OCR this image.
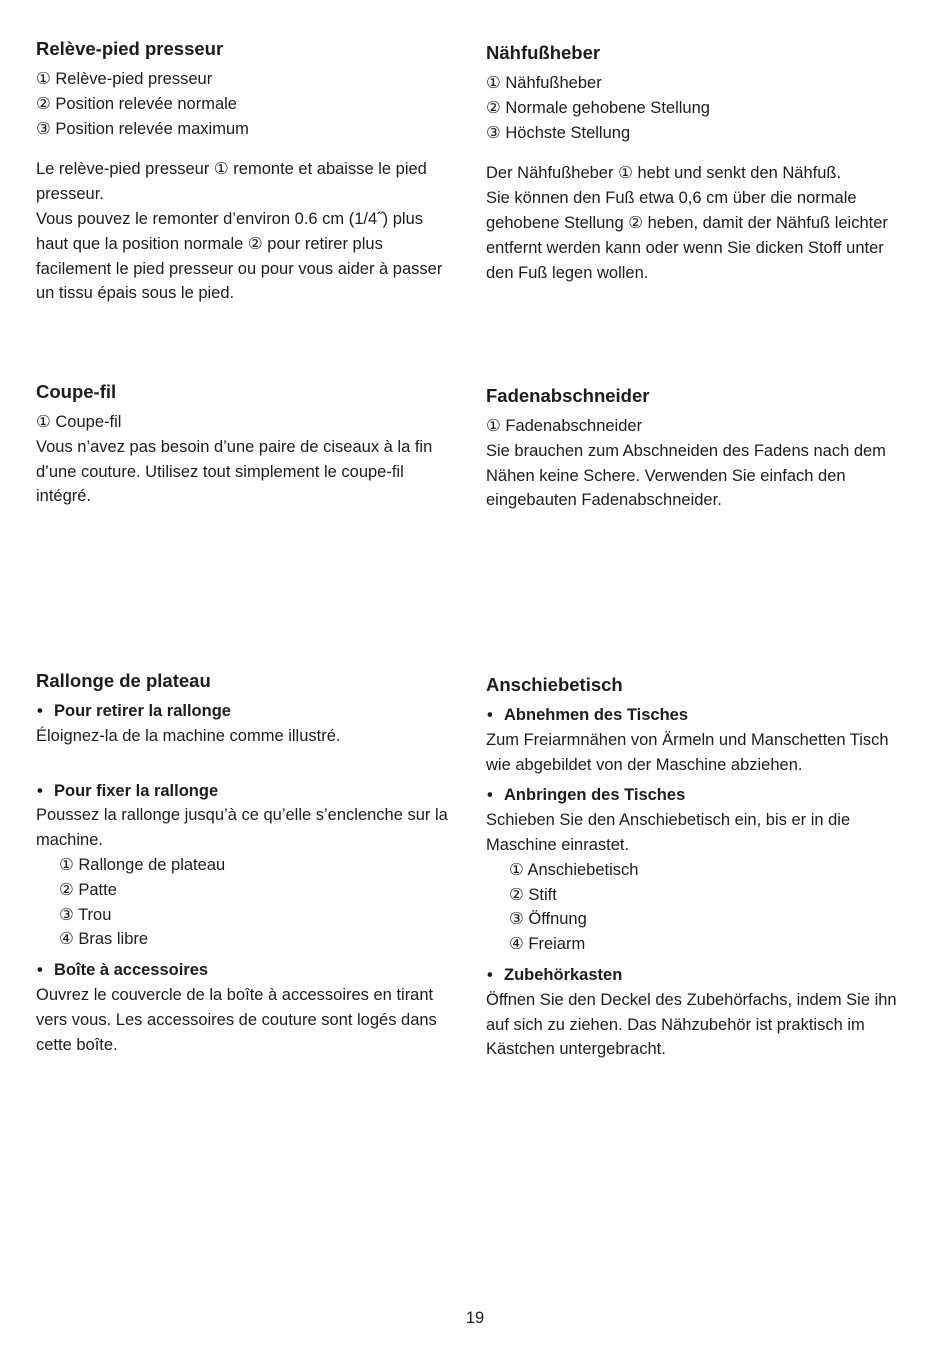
Relève-pied presseur
① Relève-pied presseur
② Position relevée normale
③ Position relevée maximum

Le relève-pied presseur ① remonte et abaisse le pied presseur.
Vous pouvez le remonter d’environ 0.6 cm (1/4˝) plus haut que la position normale ② pour retirer plus facilement le pied presseur ou pour vous aider à passer un tissu épais sous le pied.

Coupe-fil
① Coupe-fil

Vous n’avez pas besoin d’une paire de ciseaux à la fin d’une couture. Utilisez tout simplement le coupe-fil intégré.

Rallonge de plateau
• Pour retirer la rallonge

Éloignez-la de la machine comme illustré.

• Pour fixer la rallonge

Poussez la rallonge jusqu’à ce qu’elle s’enclenche sur la machine.

① Rallonge de plateau
② Patte
③ Trou
④ Bras libre
• Boîte à accessoires

Ouvrez le couvercle de la boîte à accessoires en tirant vers vous. Les accessoires de couture sont logés dans cette boîte.

Nähfußheber
① Nähfußheber
② Normale gehobene Stellung
③ Höchste Stellung

Der Nähfußheber ① hebt und senkt den Nähfuß.
Sie können den Fuß etwa 0,6 cm über die normale gehobene Stellung ② heben, damit der Nähfuß leichter entfernt werden kann oder wenn Sie dicken Stoff unter den Fuß legen wollen.

Fadenabschneider
① Fadenabschneider

Sie brauchen zum Abschneiden des Fadens nach dem Nähen keine Schere. Verwenden Sie einfach den eingebauten Fadenabschneider.

Anschiebetisch
• Abnehmen des Tisches

Zum Freiarmnähen von Ärmeln und Manschetten Tisch wie abgebildet von der Maschine abziehen.

• Anbringen des Tisches

Schieben Sie den Anschiebetisch ein, bis er in die Maschine einrastet.

① Anschiebetisch
② Stift
③ Öffnung
④ Freiarm
• Zubehörkasten

Öffnen Sie den Deckel des Zubehörfachs, indem Sie ihn auf sich zu ziehen. Das Nähzubehör ist praktisch im Kästchen untergebracht.

19
